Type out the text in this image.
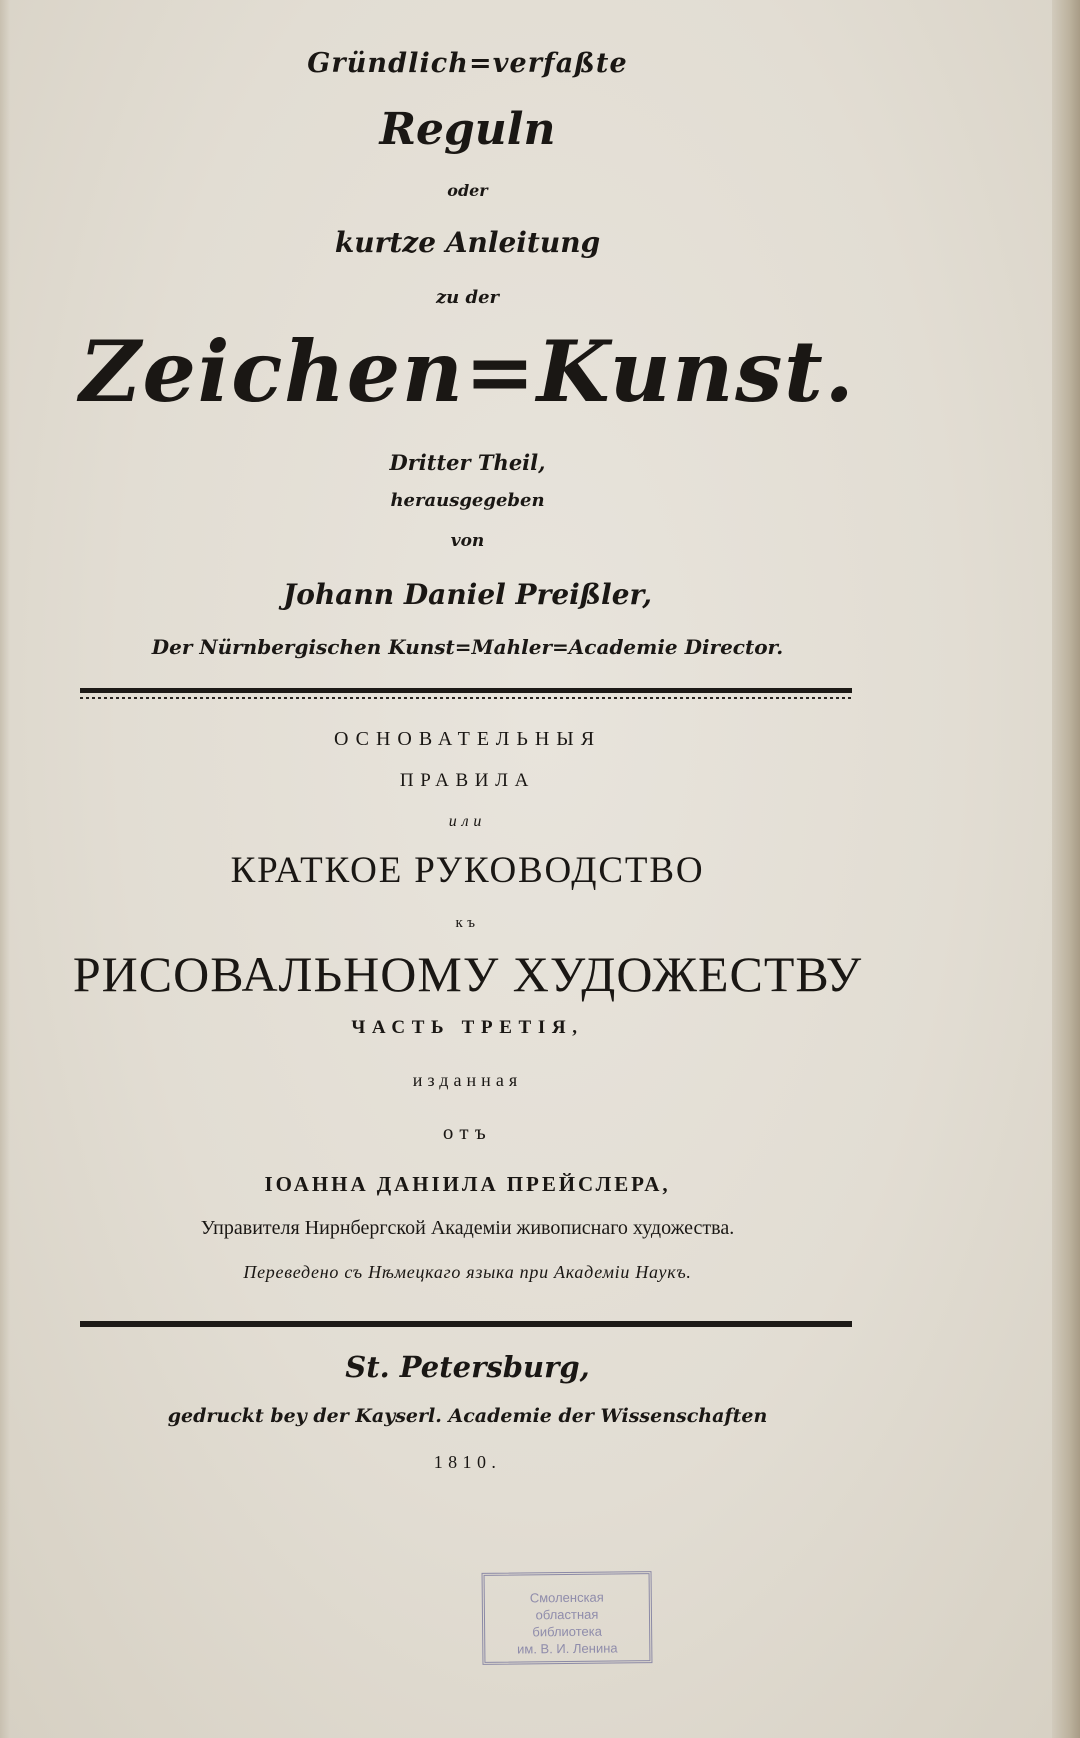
Gründlich=verfaßte
Reguln
oder
kurtze Anleitung
zu der
Zeichen=Kunst.
Dritter Theil,
herausgegeben
von
Johann Daniel Preißler,
Der Nürnbergischen Kunst=Mahler=Academie Director.
ОСНОВАТЕЛЬНЫЯ
ПРАВИЛА
или
КРАТКОЕ РУКОВОДСТВО
къ
РИСОВАЛЬНОМУ ХУДОЖЕСТВУ
ЧАСТЬ ТРЕТІЯ,
изданная
отъ
ІОАННА ДАНІИЛА ПРЕЙСЛЕРА,
Управителя Нирнбергской Академіи живописнаго художества.
Переведено съ Нѣмецкаго языка при Академіи Наукъ.
St. Petersburg,
gedruckt bey der Kayserl. Academie der Wissenschaften
1810.
Смоленская
областная
библиотека
им. В. И. Ленина
